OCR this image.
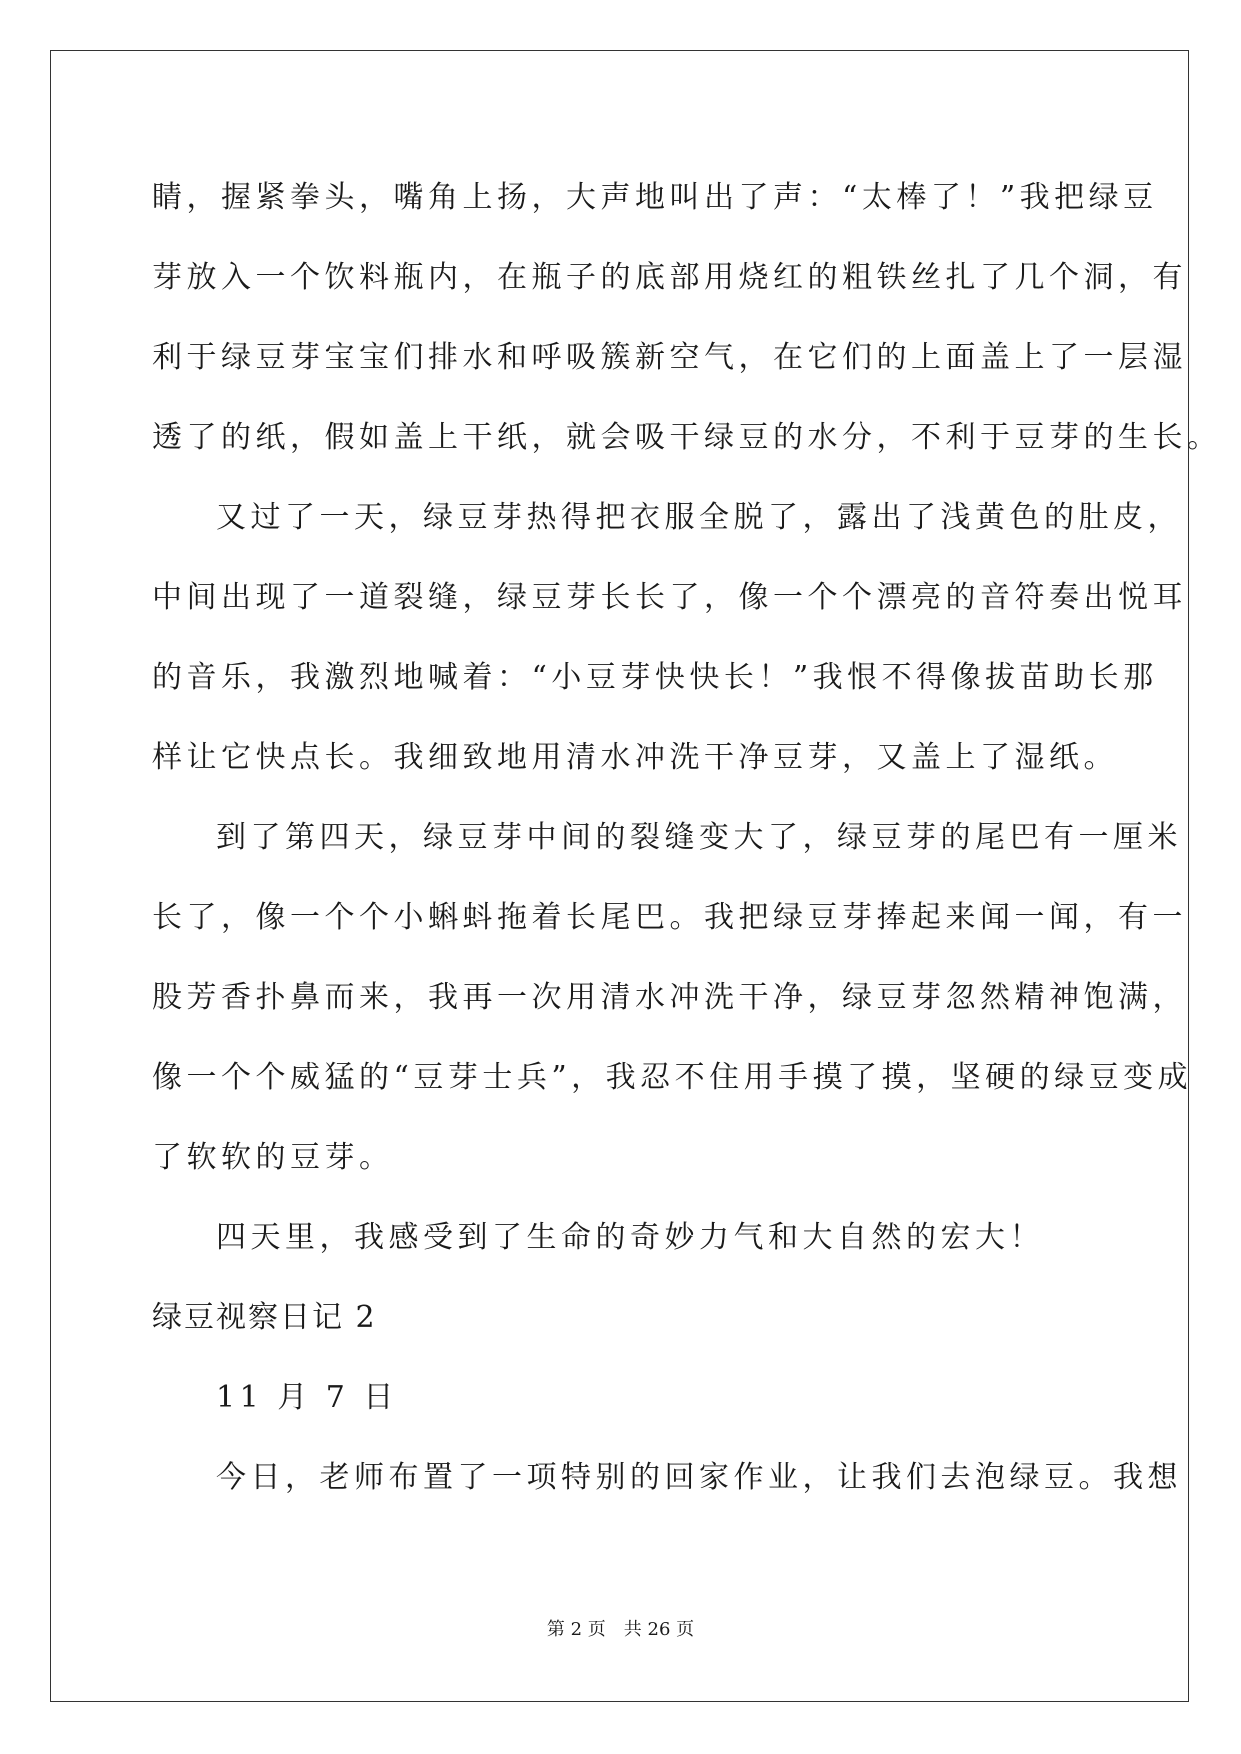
睛，握紧拳头，嘴角上扬，大声地叫出了声：“太棒了！”我把绿豆
芽放入一个饮料瓶内，在瓶子的底部用烧红的粗铁丝扎了几个洞，有
利于绿豆芽宝宝们排水和呼吸簇新空气，在它们的上面盖上了一层湿
透了的纸，假如盖上干纸，就会吸干绿豆的水分，不利于豆芽的生长。
又过了一天，绿豆芽热得把衣服全脱了，露出了浅黄色的肚皮，
中间出现了一道裂缝，绿豆芽长长了，像一个个漂亮的音符奏出悦耳
的音乐，我激烈地喊着：“小豆芽快快长！”我恨不得像拔苗助长那
样让它快点长。我细致地用清水冲洗干净豆芽，又盖上了湿纸。
到了第四天，绿豆芽中间的裂缝变大了，绿豆芽的尾巴有一厘米
长了，像一个个小蝌蚪拖着长尾巴。我把绿豆芽捧起来闻一闻，有一
股芳香扑鼻而来，我再一次用清水冲洗干净，绿豆芽忽然精神饱满，
像一个个威猛的“豆芽士兵”，我忍不住用手摸了摸，坚硬的绿豆变成
了软软的豆芽。
四天里，我感受到了生命的奇妙力气和大自然的宏大！
绿豆视察日记 2
11 月 7 日
今日，老师布置了一项特别的回家作业，让我们去泡绿豆。我想
第 2 页 共 26 页
